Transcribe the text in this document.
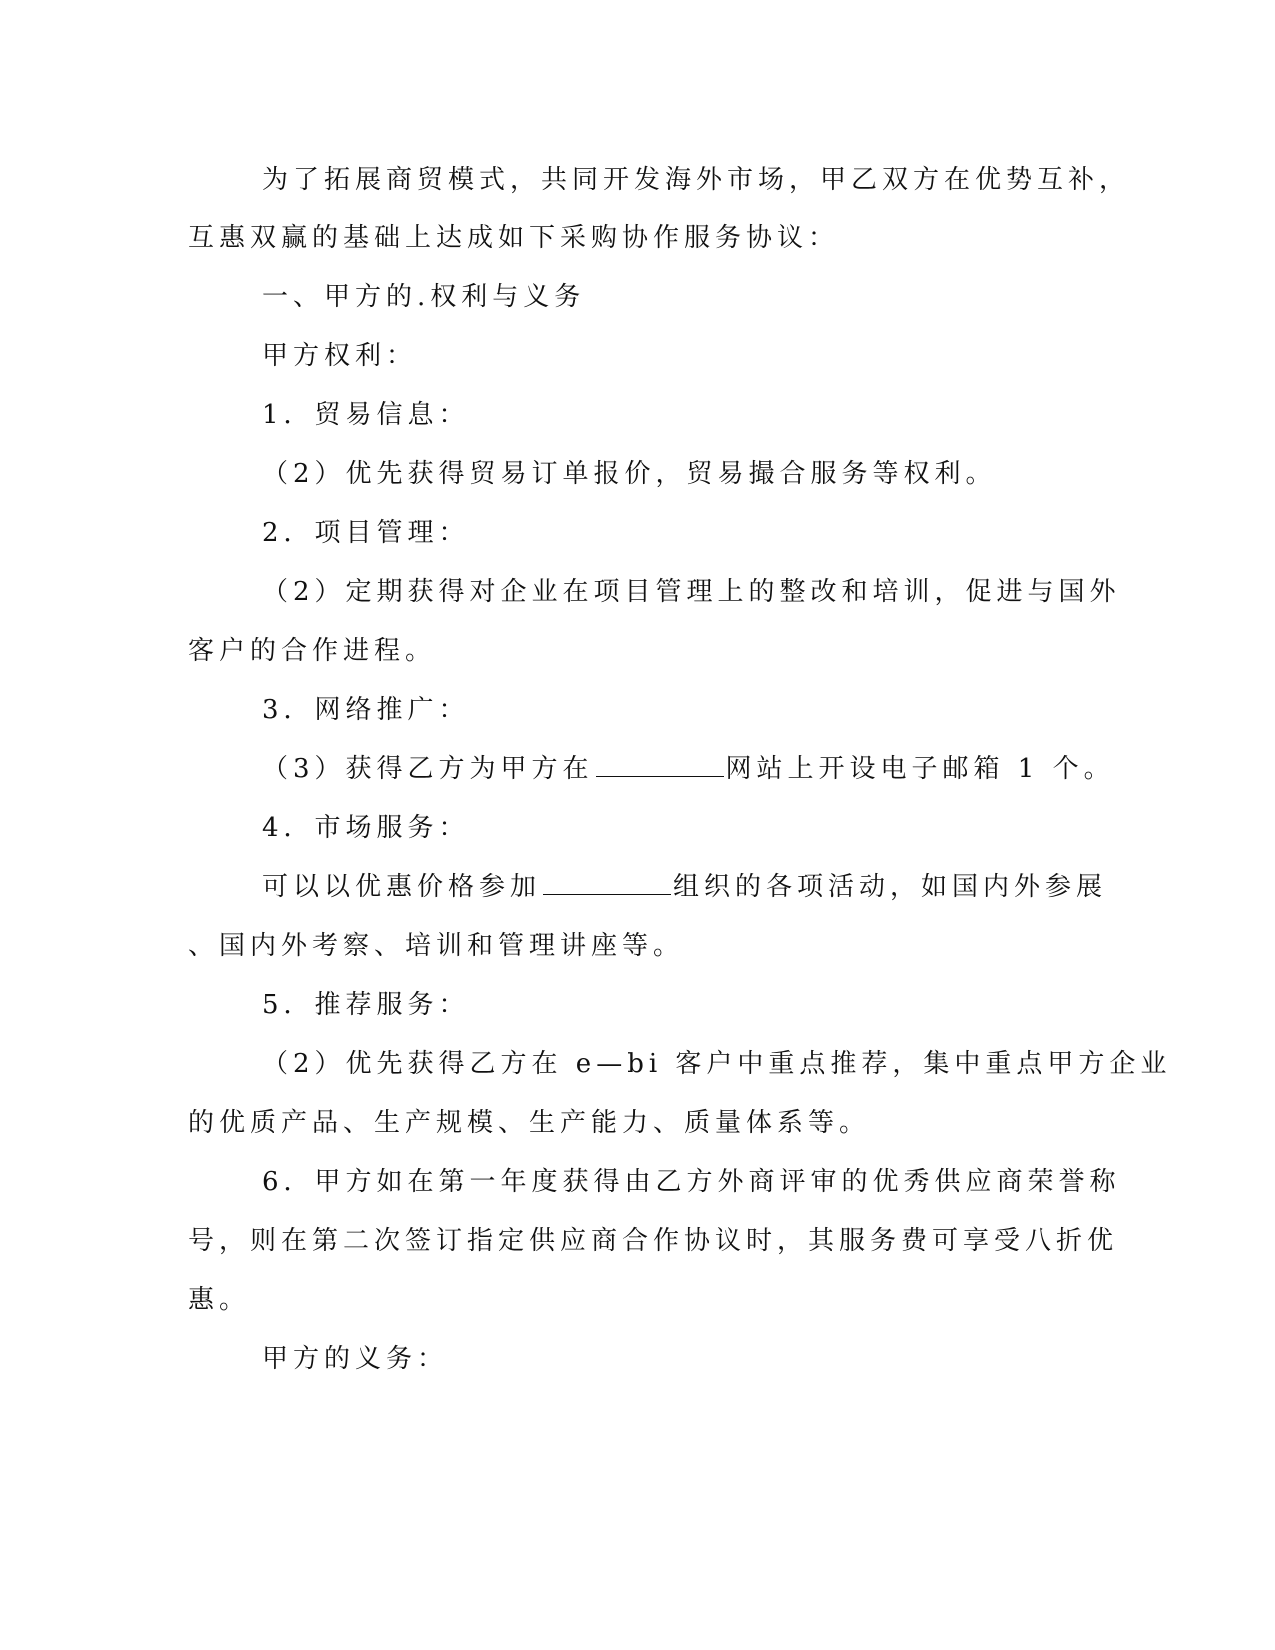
为了拓展商贸模式，共同开发海外市场，甲乙双方在优势互补，
互惠双赢的基础上达成如下采购协作服务协议：
一、甲方的.权利与义务
甲方权利：
1．贸易信息：
（2）优先获得贸易订单报价，贸易撮合服务等权利。
2．项目管理：
（2）定期获得对企业在项目管理上的整改和培训，促进与国外
客户的合作进程。
3．网络推广：
（3）获得乙方为甲方在	网站上开设电子邮箱 1 个。
4．市场服务：
可以以优惠价格参加	组织的各项活动，如国内外参展
、国内外考察、培训和管理讲座等。
5．推荐服务：
（2）优先获得乙方在 e—bi 客户中重点推荐，集中重点甲方企业
的优质产品、生产规模、生产能力、质量体系等。
6．甲方如在第一年度获得由乙方外商评审的优秀供应商荣誉称
号，则在第二次签订指定供应商合作协议时，其服务费可享受八折优
惠。
甲方的义务：
